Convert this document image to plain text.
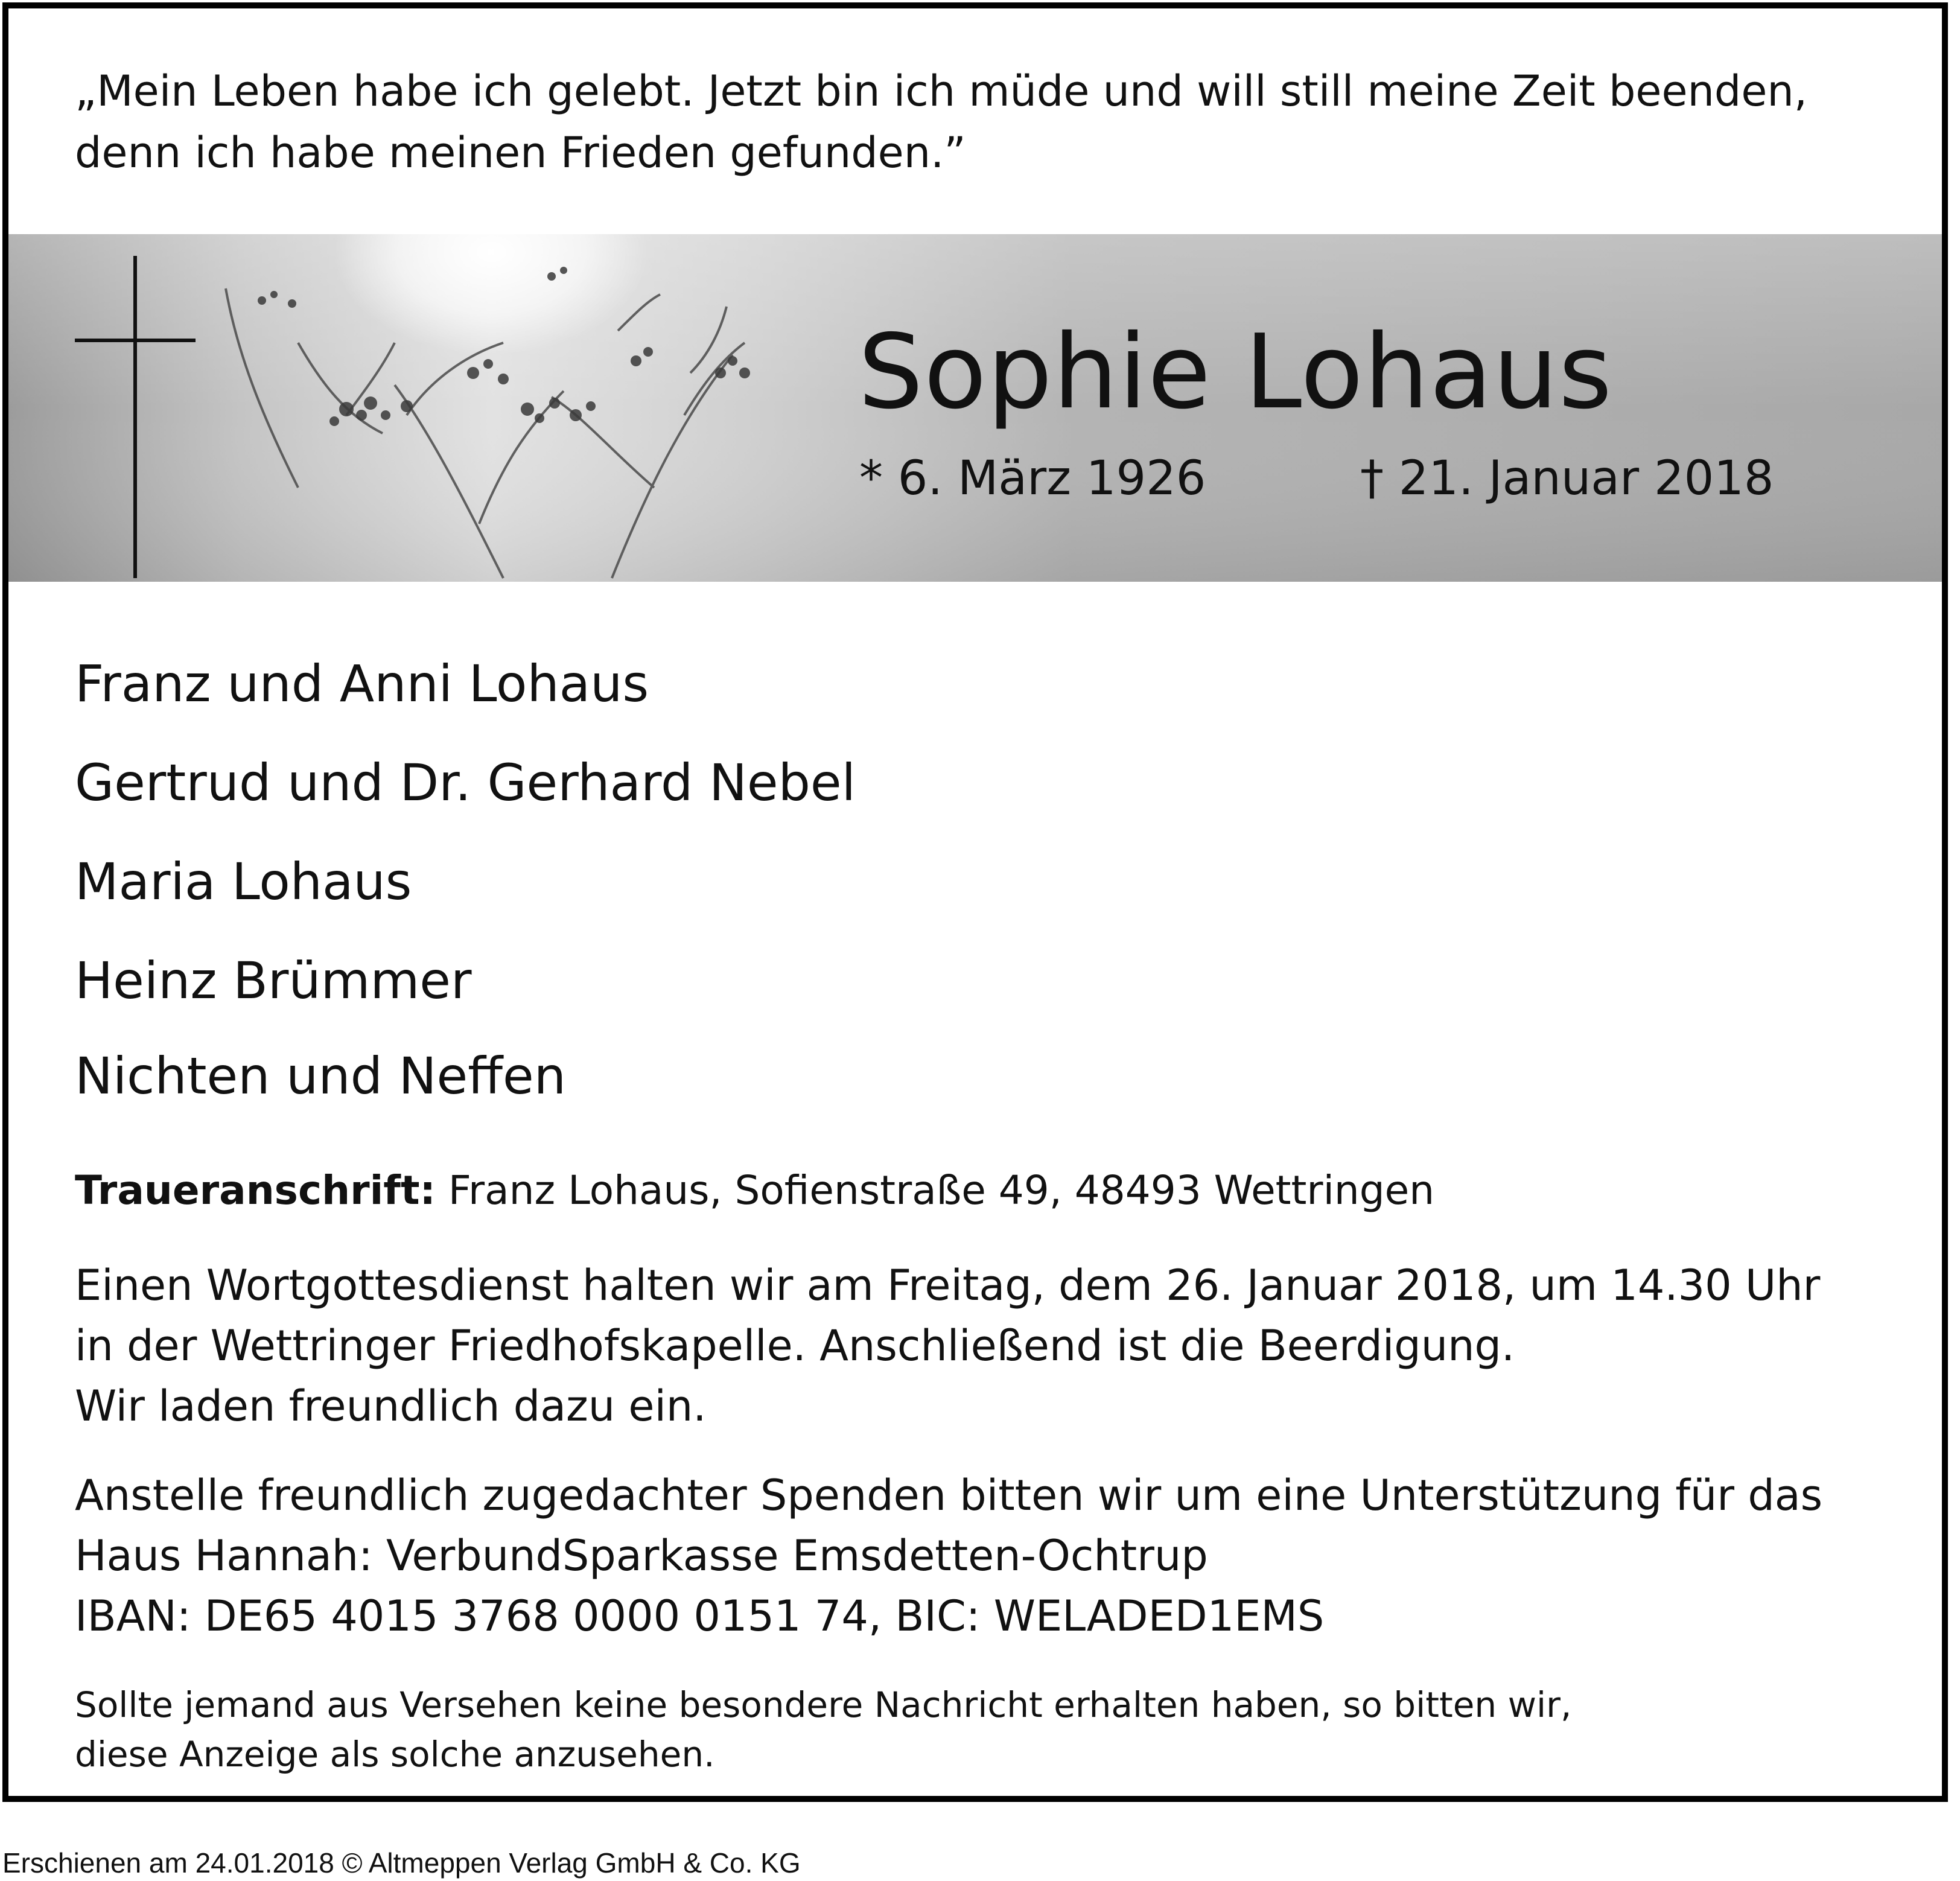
„Mein Leben habe ich gelebt. Jetzt bin ich müde und will still meine Zeit beenden,
denn ich habe meinen Frieden gefunden.”
Sophie Lohaus
* 6. März 1926	† 21. Januar 2018
Franz und Anni Lohaus
Gertrud und Dr. Gerhard Nebel
Maria Lohaus
Heinz Brümmer
Nichten und Neffen
Traueranschrift: Franz Lohaus, Sofienstraße 49, 48493 Wettringen
Einen Wortgottesdienst halten wir am Freitag, dem 26. Januar 2018, um 14.30 Uhr
in der Wettringer Friedhofskapelle. Anschließend ist die Beerdigung.
Wir laden freundlich dazu ein.
Anstelle freundlich zugedachter Spenden bitten wir um eine Unterstützung für das
Haus Hannah: VerbundSparkasse Emsdetten-Ochtrup
IBAN: DE65 4015 3768 0000 0151 74, BIC: WELADED1EMS
Sollte jemand aus Versehen keine besondere Nachricht erhalten haben, so bitten wir,
diese Anzeige als solche anzusehen.
Erschienen am 24.01.2018 © Altmeppen Verlag GmbH & Co. KG
